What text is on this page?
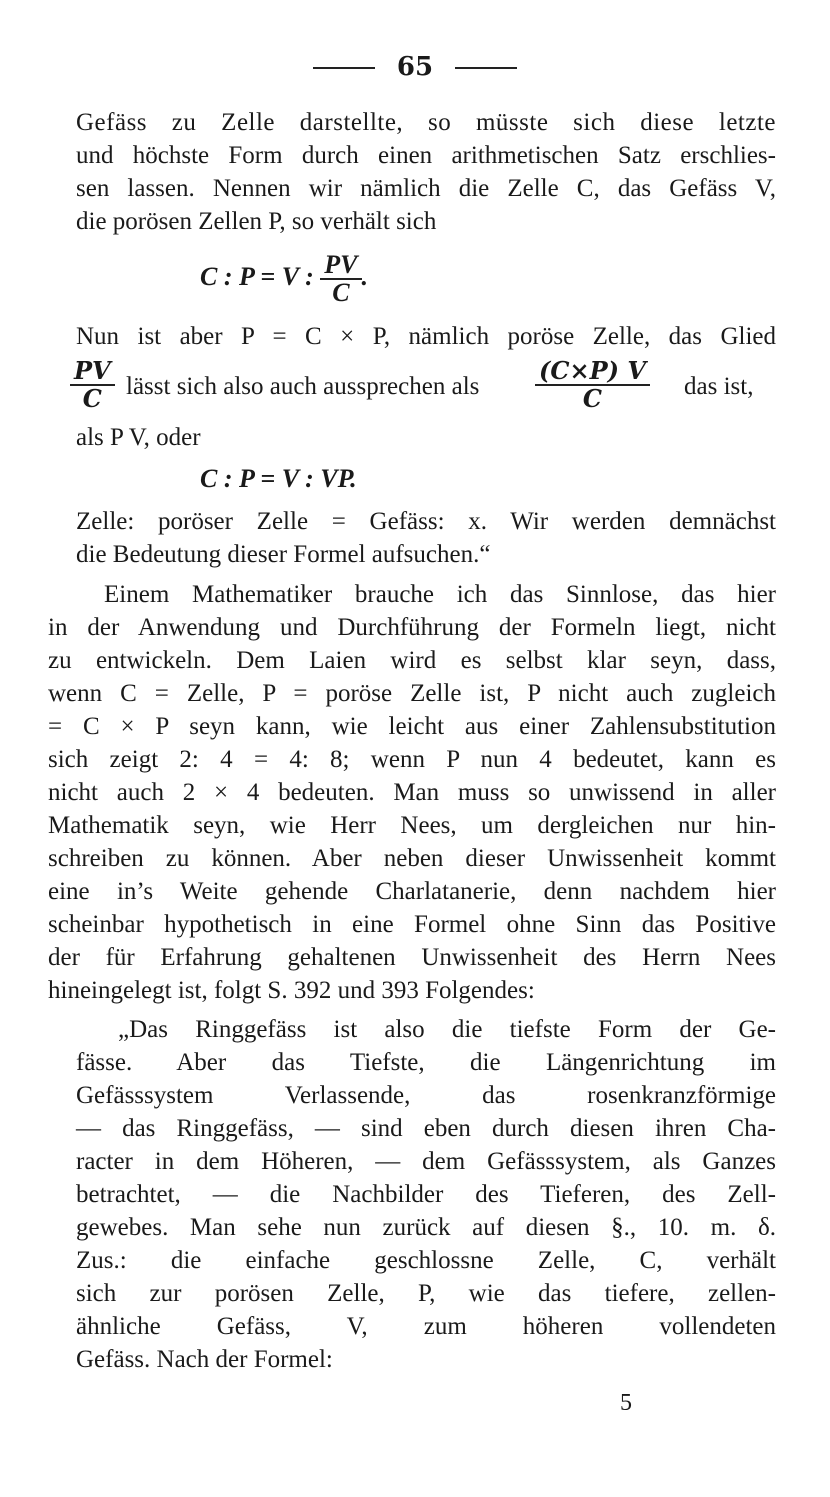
65
Gefäss zu Zelle darstellte, so müsste sich diese letzte
und höchste Form durch einen arithmetischen Satz erschlies-
sen lassen. Nennen wir nämlich die Zelle C, das Gefäss V,
die porösen Zellen P, so verhält sich
C : P = V : $\frac{PV}{C}$ .
Nun ist aber P = C × P, nämlich poröse Zelle, das Glied
$\frac{PV}{C}$ lässt sich also auch aussprechen als $\frac{(C\times P) V}{C}$ das ist,
als P V, oder
C : P = V : VP.
Zelle: poröser Zelle = Gefäss: x. Wir werden demnächst
die Bedeutung dieser Formel aufsuchen.“
Einem Mathematiker brauche ich das Sinnlose, das hier
in der Anwendung und Durchführung der Formeln liegt, nicht
zu entwickeln. Dem Laien wird es selbst klar seyn, dass,
wenn C = Zelle, P = poröse Zelle ist, P nicht auch zugleich
= C × P seyn kann, wie leicht aus einer Zahlensubstitution
sich zeigt 2: 4 = 4: 8; wenn P nun 4 bedeutet, kann es
nicht auch 2 × 4 bedeuten. Man muss so unwissend in aller
Mathematik seyn, wie Herr Nees, um dergleichen nur hin-
schreiben zu können. Aber neben dieser Unwissenheit kommt
eine in’s Weite gehende Charlatanerie, denn nachdem hier
scheinbar hypothetisch in eine Formel ohne Sinn das Positive
der für Erfahrung gehaltenen Unwissenheit des Herrn Nees
hineingelegt ist, folgt S. 392 und 393 Folgendes:
„Das Ringgefäss ist also die tiefste Form der Ge-
fässe. Aber das Tiefste, die Längenrichtung im
Gefässsystem Verlassende, das rosenkranzförmige
— das Ringgefäss, — sind eben durch diesen ihren Cha-
racter in dem Höheren, — dem Gefässsystem, als Ganzes
betrachtet, — die Nachbilder des Tieferen, des Zell-
gewebes. Man sehe nun zurück auf diesen §., 10. m. δ.
Zus.: die einfache geschlossne Zelle, C, verhält
sich zur porösen Zelle, P, wie das tiefere, zellen-
ähnliche Gefäss, V, zum höheren vollendeten
Gefäss. Nach der Formel:
5
